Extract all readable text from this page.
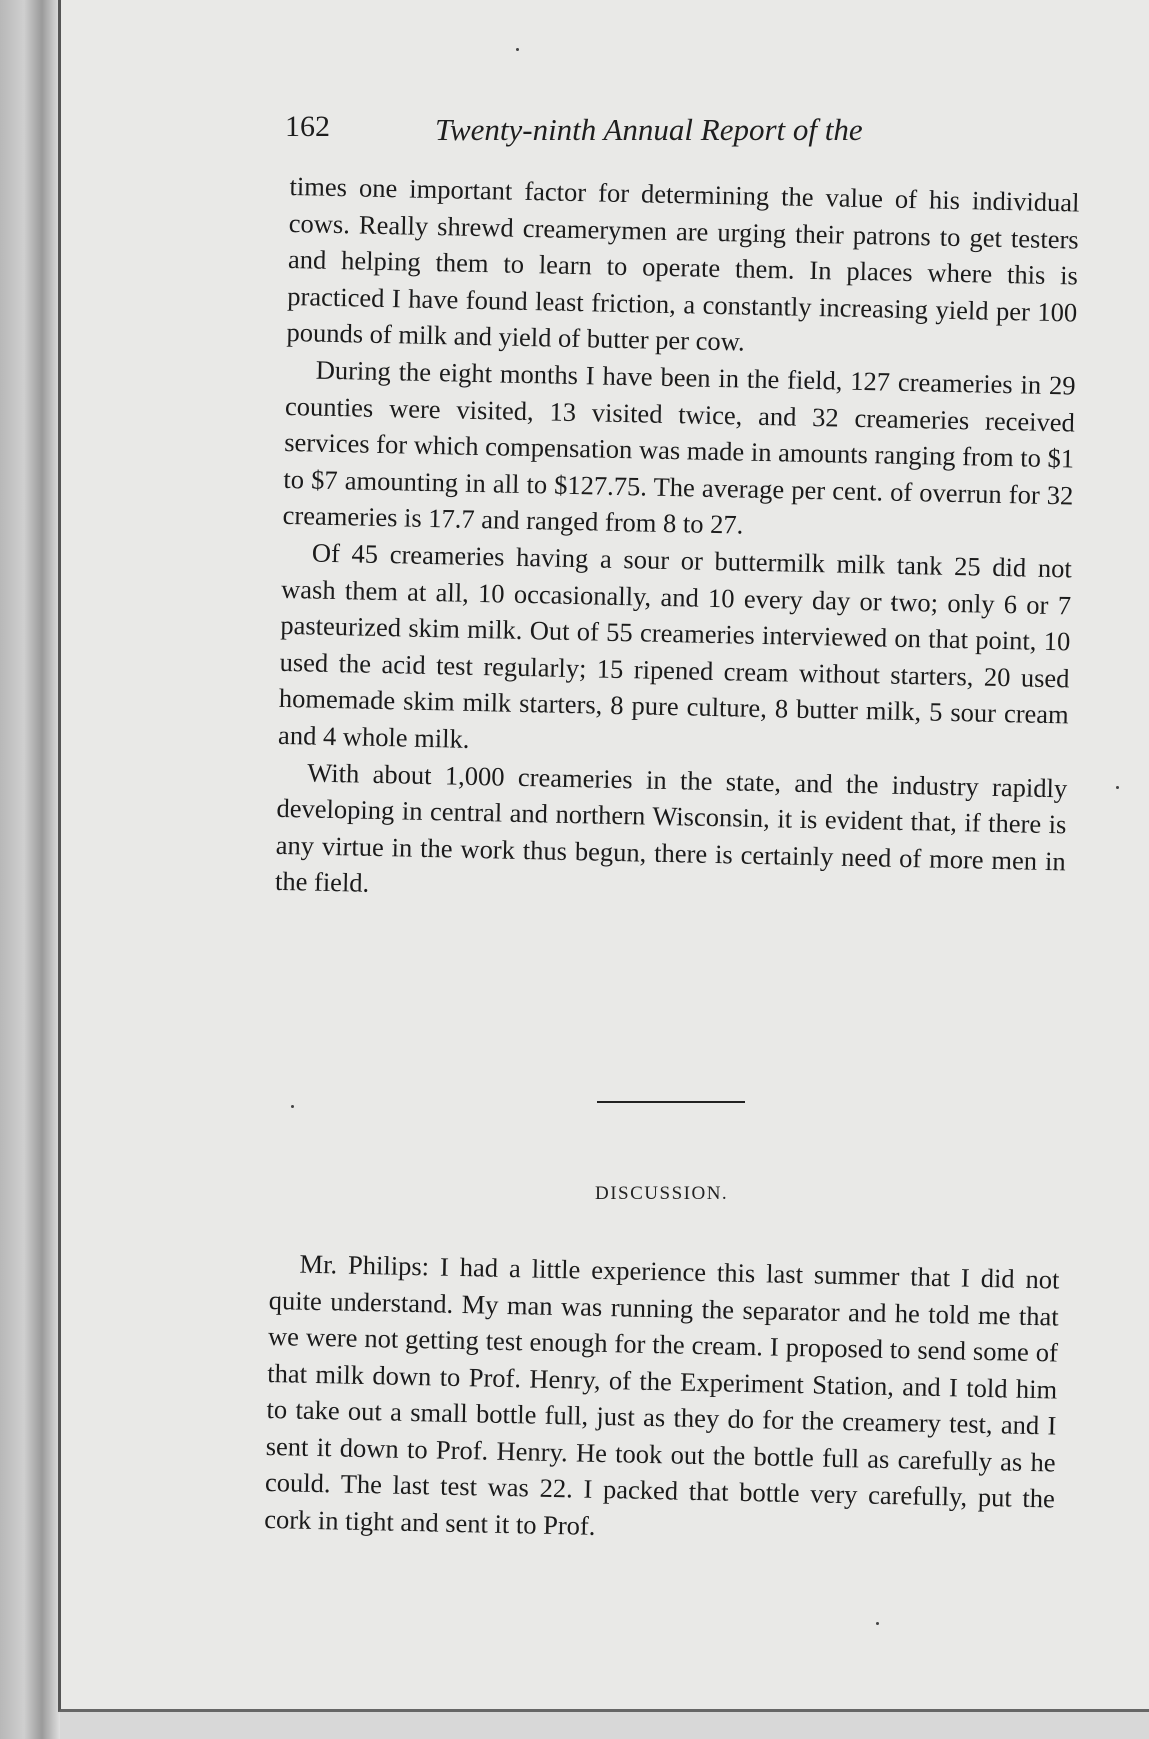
162	Twenty-ninth Annual Report of the

times one important factor for determining the value of his individual cows. Really shrewd creamerymen are urging their patrons to get testers and helping them to learn to operate them. In places where this is practiced I have found least friction, a constantly increasing yield per 100 pounds of milk and yield of butter per cow.

During the eight months I have been in the field, 127 creameries in 29 counties were visited, 13 visited twice, and 32 creameries received services for which compensation was made in amounts ranging from to $1 to $7 amounting in all to $127.75. The average per cent. of overrun for 32 creameries is 17.7 and ranged from 8 to 27.

Of 45 creameries having a sour or buttermilk milk tank 25 did not wash them at all, 10 occasionally, and 10 every day or two; only 6 or 7 pasteurized skim milk. Out of 55 creameries interviewed on that point, 10 used the acid test regularly; 15 ripened cream without starters, 20 used homemade skim milk starters, 8 pure culture, 8 butter milk, 5 sour cream and 4 whole milk.

With about 1,000 creameries in the state, and the industry rapidly developing in central and northern Wisconsin, it is evident that, if there is any virtue in the work thus begun, there is certainly need of more men in the field.

DISCUSSION.

Mr. Philips: I had a little experience this last summer that I did not quite understand. My man was running the separator and he told me that we were not getting test enough for the cream. I proposed to send some of that milk down to Prof. Henry, of the Experiment Station, and I told him to take out a small bottle full, just as they do for the creamery test, and I sent it down to Prof. Henry. He took out the bottle full as carefully as he could. The last test was 22. I packed that bottle very carefully, put the cork in tight and sent it to Prof.
